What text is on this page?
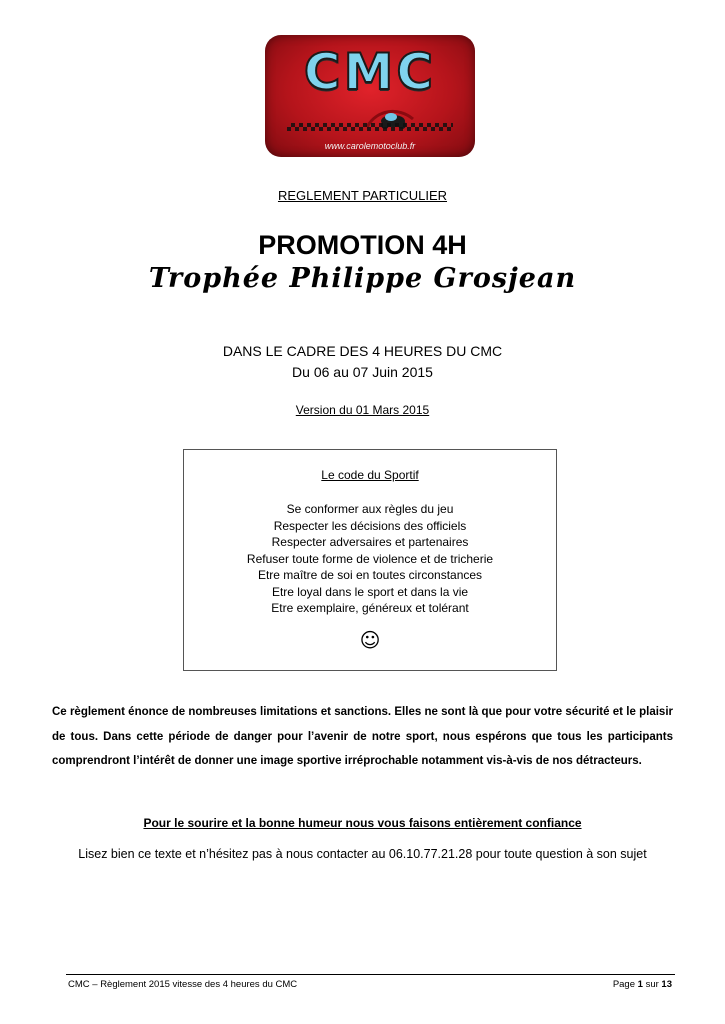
CMC
www.carolemotoclub.fr
REGLEMENT PARTICULIER
PROMOTION 4H
Trophée Philippe Grosjean
DANS LE CADRE DES 4 HEURES DU CMC
Du 06 au 07 Juin 2015
Version du 01 Mars 2015
Le code du Sportif
Se conformer aux règles du jeu
Respecter les décisions des officiels
Respecter adversaires et partenaires
Refuser toute forme de violence et de tricherie
Etre maître de soi en toutes circonstances
Etre loyal dans le sport et dans la vie
Etre exemplaire, généreux et tolérant
☺
Ce règlement énonce de nombreuses limitations et sanctions. Elles ne sont là que pour votre sécurité et le plaisir de tous. Dans cette période de danger pour l’avenir de notre sport, nous espérons que tous les participants comprendront l’intérêt de donner une image sportive irréprochable notamment vis-à-vis de nos détracteurs.
Pour le sourire et la bonne humeur nous vous faisons entièrement confiance
Lisez bien ce texte et n’hésitez pas à nous contacter au 06.10.77.21.28 pour toute question à son sujet
CMC – Règlement 2015 vitesse des 4 heures du CMC	Page 1 sur 13
